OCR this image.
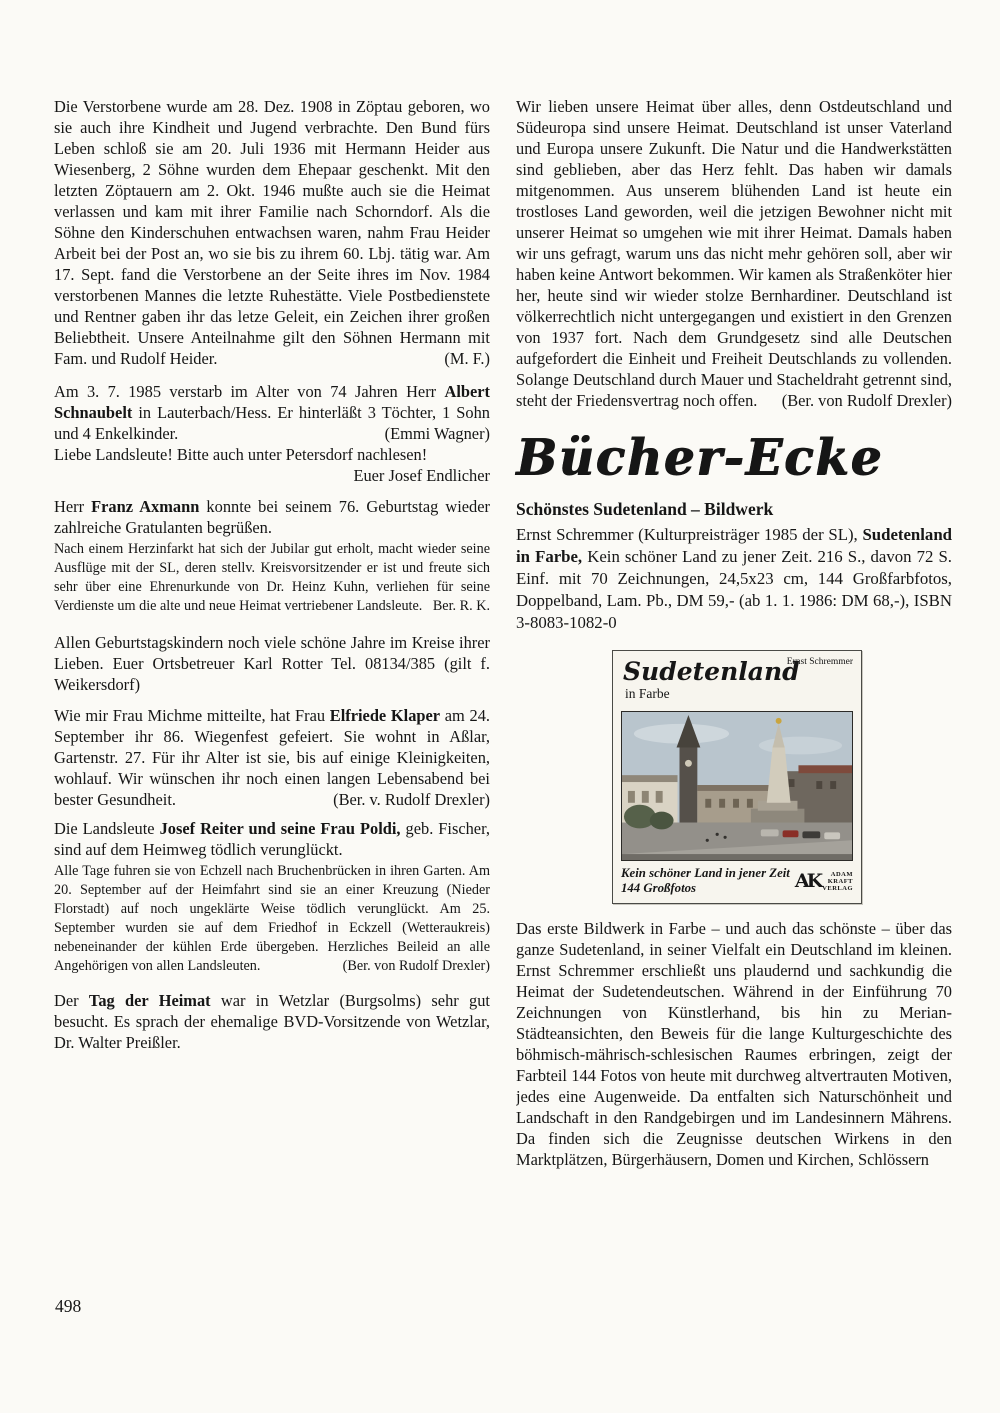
Die Verstorbene wurde am 28. Dez. 1908 in Zöptau geboren, wo sie auch ihre Kindheit und Jugend verbrachte. Den Bund fürs Leben schloß sie am 20. Juli 1936 mit Hermann Heider aus Wiesenberg, 2 Söhne wurden dem Ehepaar geschenkt. Mit den letzten Zöptauern am 2. Okt. 1946 mußte auch sie die Heimat verlassen und kam mit ihrer Familie nach Schorndorf. Als die Söhne den Kinderschuhen entwachsen waren, nahm Frau Heider Arbeit bei der Post an, wo sie bis zu ihrem 60. Lbj. tätig war. Am 17. Sept. fand die Verstorbene an der Seite ihres im Nov. 1984 verstorbenen Mannes die letzte Ruhestätte. Viele Postbedienstete und Rentner gaben ihr das letze Geleit, ein Zeichen ihrer großen Beliebtheit. Unsere Anteilnahme gilt den Söhnen Hermann mit Fam. und Rudolf Heider.	(M. F.)

Am 3. 7. 1985 verstarb im Alter von 74 Jahren Herr Albert Schnaubelt in Lauterbach/Hess. Er hinterläßt 3 Töchter, 1 Sohn und 4 Enkelkinder.	(Emmi Wagner)

Liebe Landsleute! Bitte auch unter Petersdorf nachlesen!
Euer Josef Endlicher

Herr Franz Axmann konnte bei seinem 76. Geburtstag wieder zahlreiche Gratulanten begrüßen.

Nach einem Herzinfarkt hat sich der Jubilar gut erholt, macht wieder seine Ausflüge mit der SL, deren stellv. Kreisvorsitzender er ist und freute sich sehr über eine Ehrenurkunde von Dr. Heinz Kuhn, verliehen für seine Verdienste um die alte und neue Heimat vertriebener Landsleute. Ber. R. K.

Allen Geburtstagskindern noch viele schöne Jahre im Kreise ihrer Lieben. Euer Ortsbetreuer Karl Rotter Tel. 08134/385 (gilt f. Weikersdorf)

Wie mir Frau Michme mitteilte, hat Frau Elfriede Klaper am 24. September ihr 86. Wiegenfest gefeiert. Sie wohnt in Aßlar, Gartenstr. 27. Für ihr Alter ist sie, bis auf einige Kleinigkeiten, wohlauf. Wir wünschen ihr noch einen langen Lebensabend bei bester Gesundheit.	(Ber. v. Rudolf Drexler)

Die Landsleute Josef Reiter und seine Frau Poldi, geb. Fischer, sind auf dem Heimweg tödlich verunglückt.

Alle Tage fuhren sie von Echzell nach Bruchenbrücken in ihren Garten. Am 20. September auf der Heimfahrt sind sie an einer Kreuzung (Nieder Florstadt) auf noch ungeklärte Weise tödlich verunglückt. Am 25. September wurden sie auf dem Friedhof in Eckzell (Wetteraukreis) nebeneinander der kühlen Erde übergeben. Herzliches Beileid an alle Angehörigen von allen Landsleuten.	(Ber. von Rudolf Drexler)

Der Tag der Heimat war in Wetzlar (Burgsolms) sehr gut besucht. Es sprach der ehemalige BVD-Vorsitzende von Wetzlar, Dr. Walter Preißler.

Wir lieben unsere Heimat über alles, denn Ostdeutschland und Südeuropa sind unsere Heimat. Deutschland ist unser Vaterland und Europa unsere Zukunft. Die Natur und die Handwerkstätten sind geblieben, aber das Herz fehlt. Das haben wir damals mitgenommen. Aus unserem blühenden Land ist heute ein trostloses Land geworden, weil die jetzigen Bewohner nicht mit unserer Heimat so umgehen wie mit ihrer Heimat. Damals haben wir uns gefragt, warum uns das nicht mehr gehören soll, aber wir haben keine Antwort bekommen. Wir kamen als Straßenköter hier her, heute sind wir wieder stolze Bernhardiner. Deutschland ist völkerrechtlich nicht untergegangen und existiert in den Grenzen von 1937 fort. Nach dem Grundgesetz sind alle Deutschen aufgefordert die Einheit und Freiheit Deutschlands zu vollenden. Solange Deutschland durch Mauer und Stacheldraht getrennt sind, steht der Friedensvertrag noch offen.	(Ber. von Rudolf Drexler)

Bücher-Ecke
Schönstes Sudetenland – Bildwerk

Ernst Schremmer (Kulturpreisträger 1985 der SL), Sudetenland in Farbe, Kein schöner Land zu jener Zeit. 216 S., davon 72 S. Einf. mit 70 Zeichnungen, 24,5x23 cm, 144 Großfarbfotos, Doppelband, Lam. Pb., DM 59,- (ab 1. 1. 1986: DM 68,-), ISBN 3-8083-1082-0

Ernst Schremmer
Sudetenland
in Farbe
Kein schöner Land in jener Zeit
144 Großfotos	AK	ADAM
KRAFT
VERLAG

Das erste Bildwerk in Farbe – und auch das schönste – über das ganze Sudetenland, in seiner Vielfalt ein Deutschland im kleinen. Ernst Schremmer erschließt uns plaudernd und sachkundig die Heimat der Sudetendeutschen. Während in der Einführung 70 Zeichnungen von Künstlerhand, bis hin zu Merian-Städteansichten, den Beweis für die lange Kulturgeschichte des böhmisch-mährisch-schlesischen Raumes erbringen, zeigt der Farbteil 144 Fotos von heute mit durchweg altvertrauten Motiven, jedes eine Augenweide. Da entfalten sich Naturschönheit und Landschaft in den Randgebirgen und im Landesinnern Mährens. Da finden sich die Zeugnisse deutschen Wirkens in den Marktplätzen, Bürgerhäusern, Domen und Kirchen, Schlössern

498
